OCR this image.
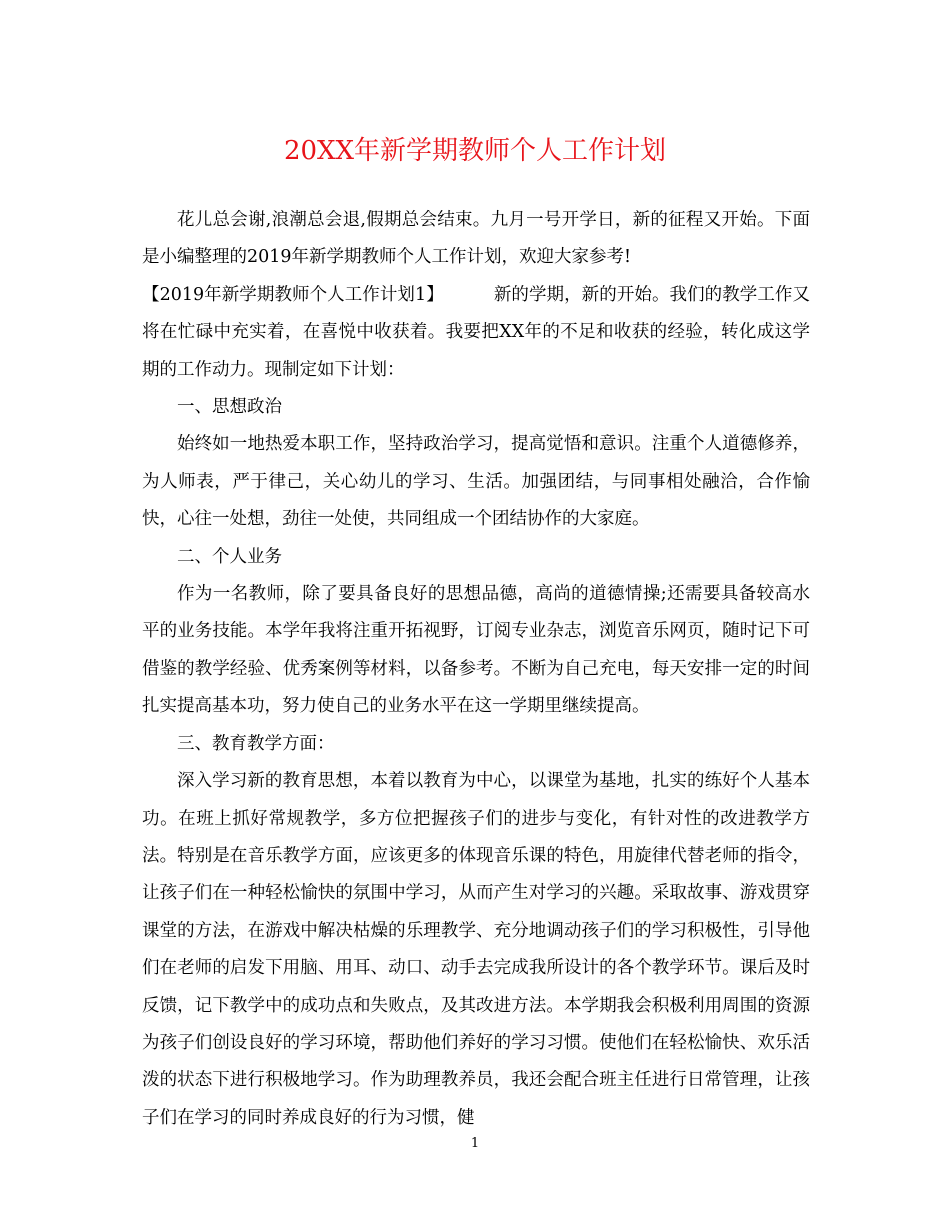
20XX年新学期教师个人工作计划

花儿总会谢,浪潮总会退,假期总会结束。九月一号开学日，新的征程又开始。下面是小编整理的2019年新学期教师个人工作计划，欢迎大家参考!

【2019年新学期教师个人工作计划1】	新的学期，新的开始。我们的教学工作又将在忙碌中充实着，在喜悦中收获着。我要把XX年的不足和收获的经验，转化成这学期的工作动力。现制定如下计划：

一、思想政治

始终如一地热爱本职工作，坚持政治学习，提高觉悟和意识。注重个人道德修养，为人师表，严于律己，关心幼儿的学习、生活。加强团结，与同事相处融洽，合作愉快，心往一处想，劲往一处使，共同组成一个团结协作的大家庭。

二、个人业务

作为一名教师，除了要具备良好的思想品德，高尚的道德情操;还需要具备较高水平的业务技能。本学年我将注重开拓视野，订阅专业杂志，浏览音乐网页，随时记下可借鉴的教学经验、优秀案例等材料，以备参考。不断为自己充电，每天安排一定的时间扎实提高基本功，努力使自己的业务水平在这一学期里继续提高。

三、教育教学方面：

深入学习新的教育思想，本着以教育为中心，以课堂为基地，扎实的练好个人基本功。在班上抓好常规教学，多方位把握孩子们的进步与变化，有针对性的改进教学方法。特别是在音乐教学方面，应该更多的体现音乐课的特色，用旋律代替老师的指令，让孩子们在一种轻松愉快的氛围中学习，从而产生对学习的兴趣。采取故事、游戏贯穿课堂的方法，在游戏中解决枯燥的乐理教学、充分地调动孩子们的学习积极性，引导他们在老师的启发下用脑、用耳、动口、动手去完成我所设计的各个教学环节。课后及时反馈，记下教学中的成功点和失败点，及其改进方法。本学期我会积极利用周围的资源为孩子们创设良好的学习环境，帮助他们养好的学习习惯。使他们在轻松愉快、欢乐活泼的状态下进行积极地学习。作为助理教养员，我还会配合班主任进行日常管理，让孩子们在学习的同时养成良好的行为习惯，健

1
